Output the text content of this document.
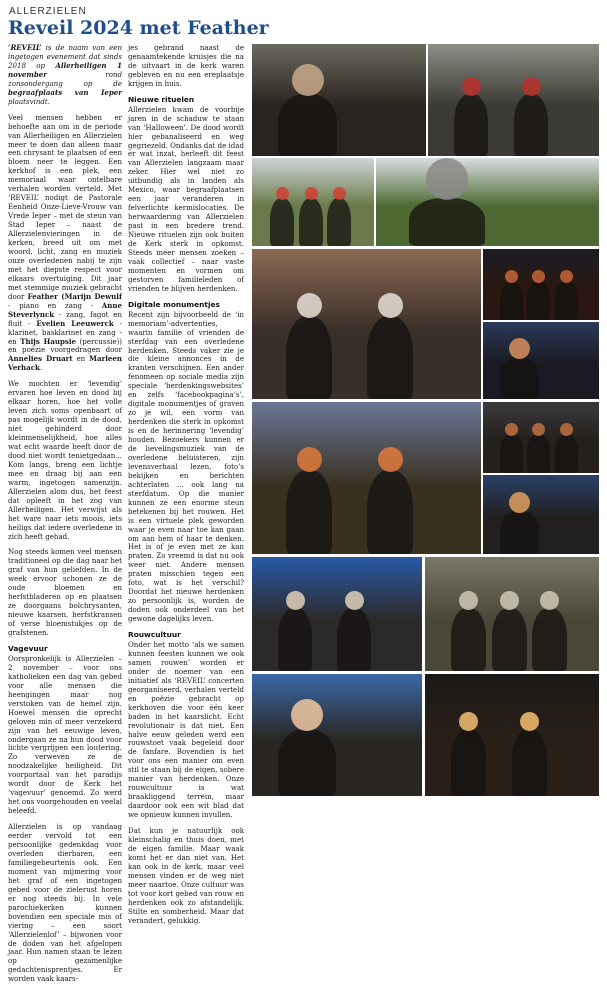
ALLERZIELEN
Reveil 2024 met Feather

‘REVEIL’ is de naam van een ingetogen evenement dat sinds 2018 op Allerheiligen 1 november rond zonsondergang op de begraafplaats van Ieper plaatsvindt.

Veel mensen hebben er behoefte aan om in de periode van Allerheiligen en Allerzielen meer te doen dan alleen maar een chrysant te plaatsen of een bloem neer te leggen. Een kerkhof is een plek, een memoriaal waar ontelbare verhalen worden verteld. Met ‘REVEIL’ nodigt de Pastorale Eenheid Onze-Lieve-Vrouw van Vrede Ieper – met de steun van Stad Ieper – naast de Allerzielenvieringen in de kerken, breed uit om met woord, licht, zang en muziek onze overledenen nabij te zijn met het diepste respect voor elkaars overtuiging. Dit jaar met stemmige muziek gebracht door Feather (Marijn Dewulf - piano en zang - Anne Steverlynck - zang, fagot en fluit - Evelien Leeuwerck - klarinet, basklarinet en zang - en Thijs Haupsie (percussie)) en poëzie voorgedragen door Annelies Druart en Marleen Verhack.

We mochten er ‘levendig’ ervaren hoe leven en dood bij elkaar horen, hoe het volle leven zich soms openbaart of pas mogelijk wordt in de dood, niet gehinderd door kleinmenselijkheid, hoe alles wat echt waarde heeft door de dood niet wordt tenietgedaan... Kom langs, breng een lichtje mee en draag bij aan een warm, ingetogen samenzijn. Allerzielen alom dus, het feest dat opleeft in het zog van Allerheiligen. Het verwijst als het ware naar iets moois, iets heiligs dat iedere overledene in zich heeft gehad.

Nog steeds komen veel mensen traditioneel op die dag naar het graf van hun geliefden. In de week ervoor schonen ze de oude bloemen en herfstbladeren op en plaatsen ze doorgaans bolchrysanten, nieuwe kaarsen, herfstkransen of verse bloemstukjes op de grafstenen.

Vagevuur

Oorspronkelijk is Allerzielen – 2 november – voor ons katholieken een dag van gebed voor alle mensen die heengingen maar nog verstoken van de hemel zijn. Hoewel mensen die oprecht geloven min of meer verzekerd zijn van het eeuwige leven, ondergaan ze na hun dood voor lichte vergrijpen een loutering. Zo verweven ze de noodzakelijke heiligheid. Dit voorportaal van het paradijs wordt door de Kerk het ‘vagevuur’ genoemd. Zo werd het ons voorgehouden en veelal beleefd.

Allerzielen is op vandaag eerder vervold tot een persoonlijke gedenkdag voor overleden dierbaren, een familiegebeurtenis ook. Een moment van mijmering voor het graf of een ingetogen gebed voor de zielerust horen er nog steeds bij. In vele parochiekerken kunnen bovendien een speciale mis of viering – een soort ‘Allerzielenlof’ – bijwonen voor de doden van het afgelopen jaar. Hun namen staan te lezen op gezamenlijke gedachtenisprentjes. Er worden vaak kaars-

jes gebrand naast de genaamtekende kruisjes die na de uitvaart in de kerk waren gebleven en nu een ereplaatsje krijgen in huis.

Nieuwe rituelen

Allerzielen kwam de voorbije jaren in de schaduw te staan van ‘Halloween’. De dood wordt hier gebanaliseerd en weg gegriezeld. Ondanks dat de idad er wat inzat, herleeft dit feest van Allerzielen langzaam maar zeker. Hier wel niet zo uitbundig als in landen als Mexico, waar begraafplaatsen een jaar veranderen in felverlichte kermislocaties. De herwaardering van Allerzielen past in een bredere trend. Nieuwe rituelen zijn ook buiten de Kerk sterk in opkomst. Steeds meer mensen zoeken – vaak collectief – naar vaste momenten en vormen om gestorven familieleden of vrienden te blijven herdenken.

Digitale monumentjes

Recent zijn bijvoorbeeld de ‘in memoriam’-advertenties, waarin familie of vrienden de sterfdag van een overledene herdenken. Steeds vaker zie je die kleine annonces in de kranten verschijnen. Een ander fenomeen op sociale media zijn speciale ‘herdenkingswebsites’ en zelfs ‘facebookpagina’s’, digitale monumentjes of graven zo je wil, een vorm van herdenken die sterk in opkomst is en de herinnering ‘levendig’ houden. Bezoekers kunnen er de lievelingsmuziek van de overledene beluisteren, zijn levensverhaal lezen, foto’s bekijken en berichten achterlaten ... ook lang na sterfdatum. Op die manier kunnen ze een enorme steun betekenen bij het rouwen. Het is een virtuele plek geworden waar je even naar toe kan gaan om aan hem of haar te denken. Het is of je even met ze kan praten. Zo vreemd is dat nu ook weer niet. Andere mensen praten misschien tegen een foto, wat is het verschil? Doordat het nieuwe herdenken zo persoonlijk is, worden de doden ook onderdeel van het gewone dagelijks leven.

Rouwcultuur

Onder het motto ‘als we samen kunnen feesten kunnen we ook samen rouwen’ worden er onder de noemer van een initiatief als ‘REVEIL’ concerten georganiseerd, verhalen verteld en poëzie gebracht op kerkhoven die voor één keer baden in het kaarslicht. Echt revolutionair is dat niet. Een halve eeuw geleden werd een rouwstoet vaak begeleid door de fanfare. Bovendien is het voor ons een manier om even stil te staan bij de eigen, sobere manier van herdenken. Onze rouwcultuur is wat braakliggend terrein, maar daardoor ook een wit blad dat we opnieuw kunnen invullen.

Dat kun je natuurlijk ook kleinschalig en thuis doen, met de eigen familie. Maar waak komt het er dan niet van. Het kan ook in de kerk, maar veel mensen vinden er de weg niet meer naartoe. Onze cultuur was tot voor kort gebed van rouw en herdenken ook zo afstandelijk. Stilte en somberheid. Maar dat verandert, gelukkig.
